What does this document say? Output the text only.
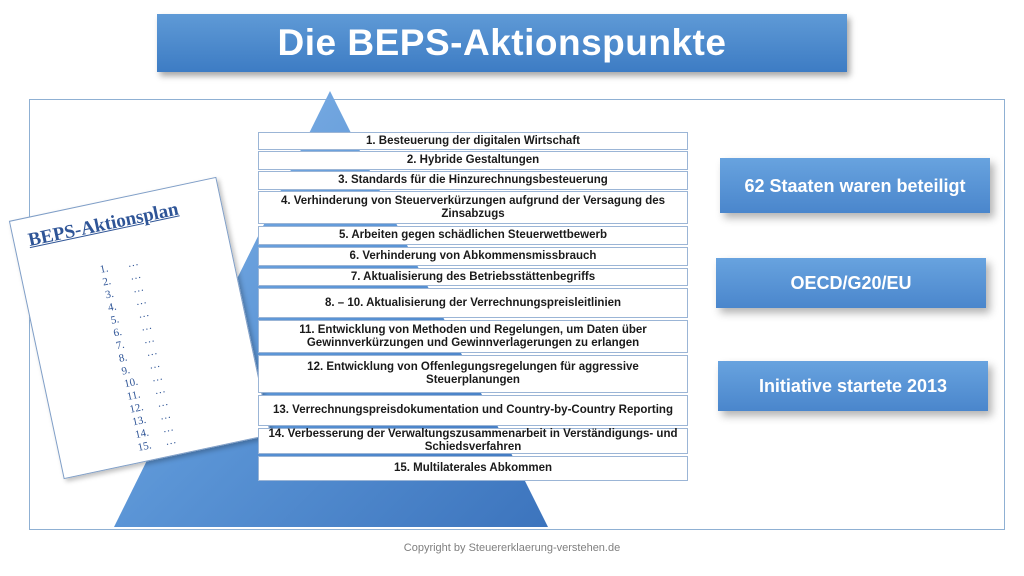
Die BEPS-Aktionspunkte
BEPS-Aktionsplan
1. …
2. …
3. …
4. …
5. …
6. …
7. …
8. …
9. …
10. …
11. …
12. …
13. …
14. …
15. …
1. Besteuerung der digitalen Wirtschaft
2. Hybride Gestaltungen
3. Standards für die Hinzurechnungsbesteuerung
4. Verhinderung von Steuerverkürzungen aufgrund der Versagung des Zinsabzugs
5. Arbeiten gegen schädlichen Steuerwettbewerb
6. Verhinderung von Abkommensmissbrauch
7. Aktualisierung des Betriebsstättenbegriffs
8. – 10. Aktualisierung der Verrechnungspreisleitlinien
11. Entwicklung von Methoden und Regelungen, um Daten über Gewinnverkürzungen und Gewinnverlagerungen zu erlangen
12. Entwicklung von Offenlegungsregelungen für aggressive Steuerplanungen
13. Verrechnungspreisdokumentation und Country-by-Country Reporting
14. Verbesserung der Verwaltungszusammenarbeit in Verständigungs- und Schiedsverfahren
15. Multilaterales Abkommen
62 Staaten waren beteiligt
OECD/G20/EU
Initiative startete 2013
Copyright by Steuererklaerung-verstehen.de
